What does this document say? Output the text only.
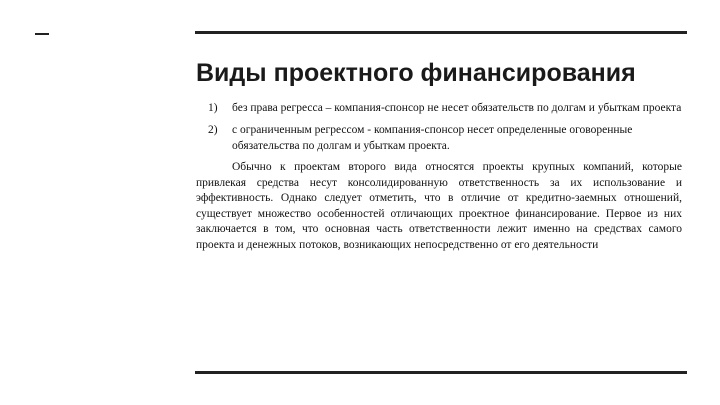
Виды проектного финансирования
1)	без права регресса – компания-спонсор не несет обязательств по долгам и убыткам проекта
2)	с ограниченным регрессом - компания-спонсор несет определенные оговоренные обязательства по долгам и убыткам проекта.

Обычно к проектам второго вида относятся проекты крупных компаний, которые привлекая средства несут консолидированную ответственность за их использование и эффективность. Однако следует отметить, что в отличие от кредитно-заемных отношений, существует множество особенностей отличающих проектное финансирование. Первое из них заключается в том, что основная часть ответственности лежит именно на средствах самого проекта и денежных потоков, возникающих непосредственно от его деятельности
